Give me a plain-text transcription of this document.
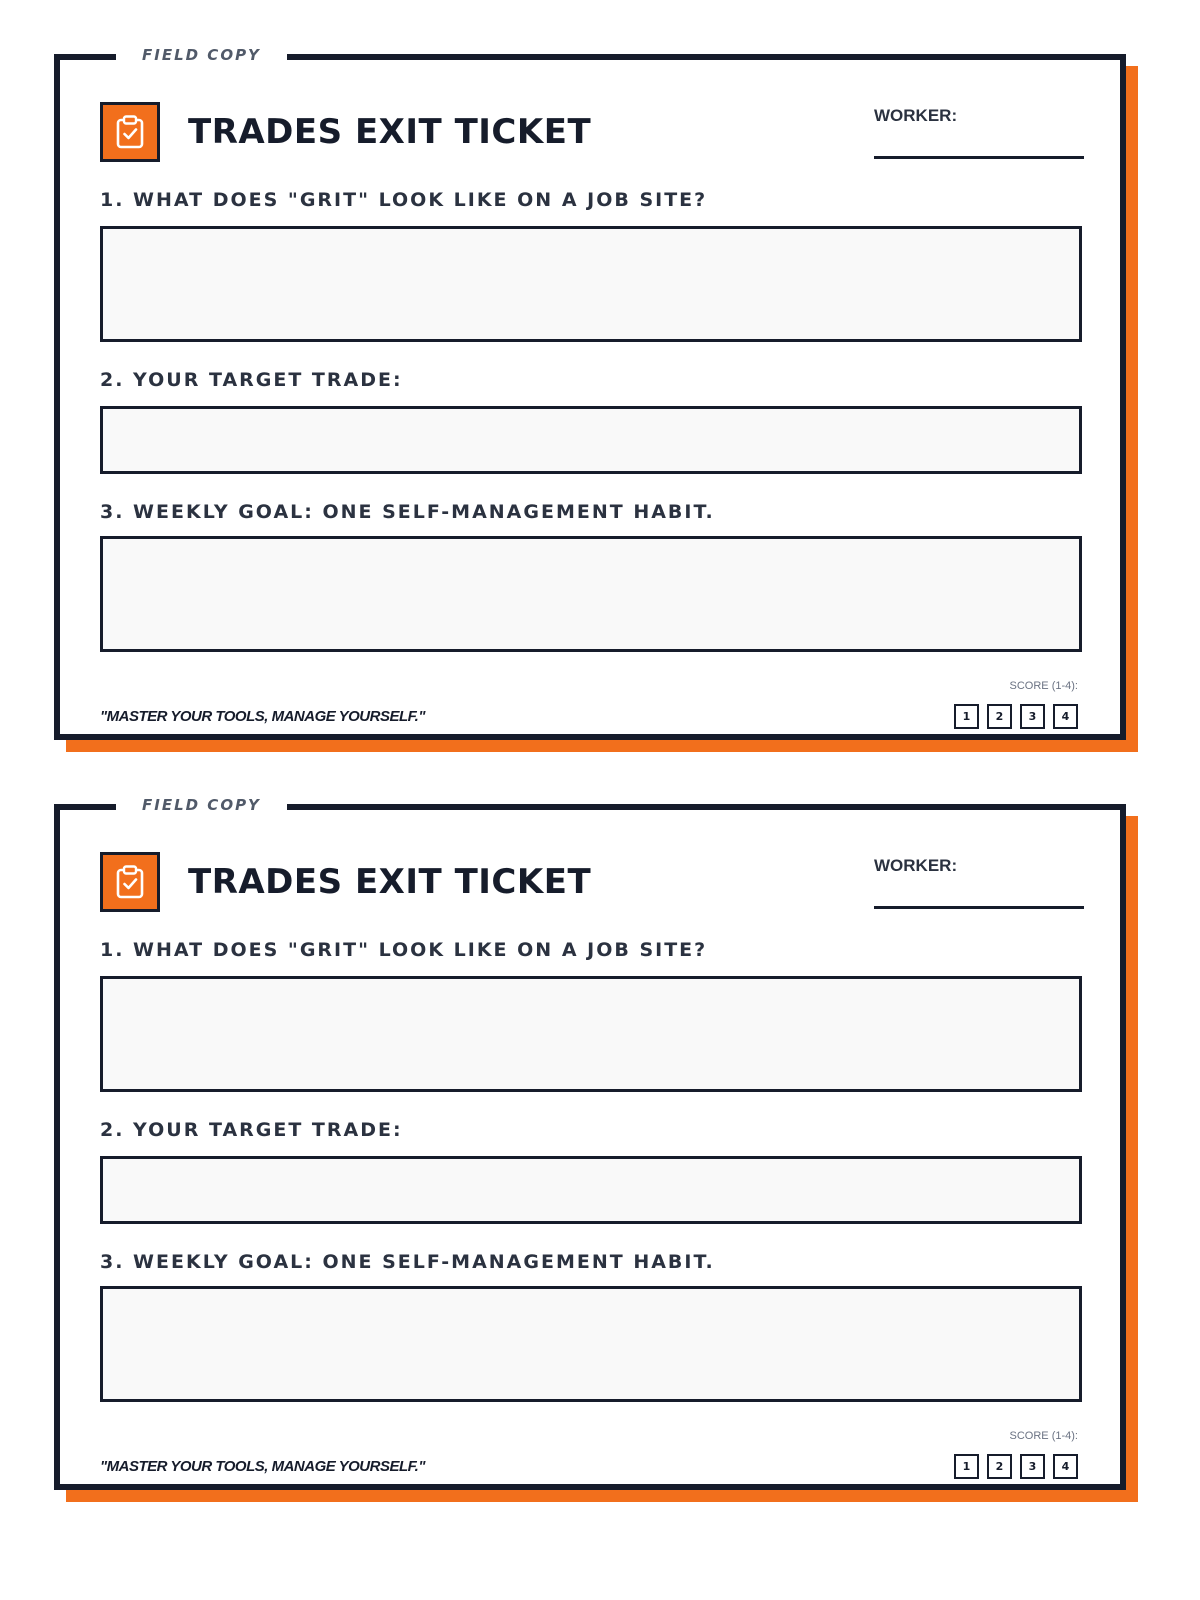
FIELD COPY
TRADES EXIT TICKET	WORKER:

1. WHAT DOES "GRIT" LOOK LIKE ON A JOB SITE?

2. YOUR TARGET TRADE:

3. WEEKLY GOAL: ONE SELF-MANAGEMENT HABIT.

"MASTER YOUR TOOLS, MANAGE YOURSELF."
SCORE (1-4):
1	2	3	4
FIELD COPY
TRADES EXIT TICKET	WORKER:

1. WHAT DOES "GRIT" LOOK LIKE ON A JOB SITE?

2. YOUR TARGET TRADE:

3. WEEKLY GOAL: ONE SELF-MANAGEMENT HABIT.

"MASTER YOUR TOOLS, MANAGE YOURSELF."
SCORE (1-4):
1	2	3	4
